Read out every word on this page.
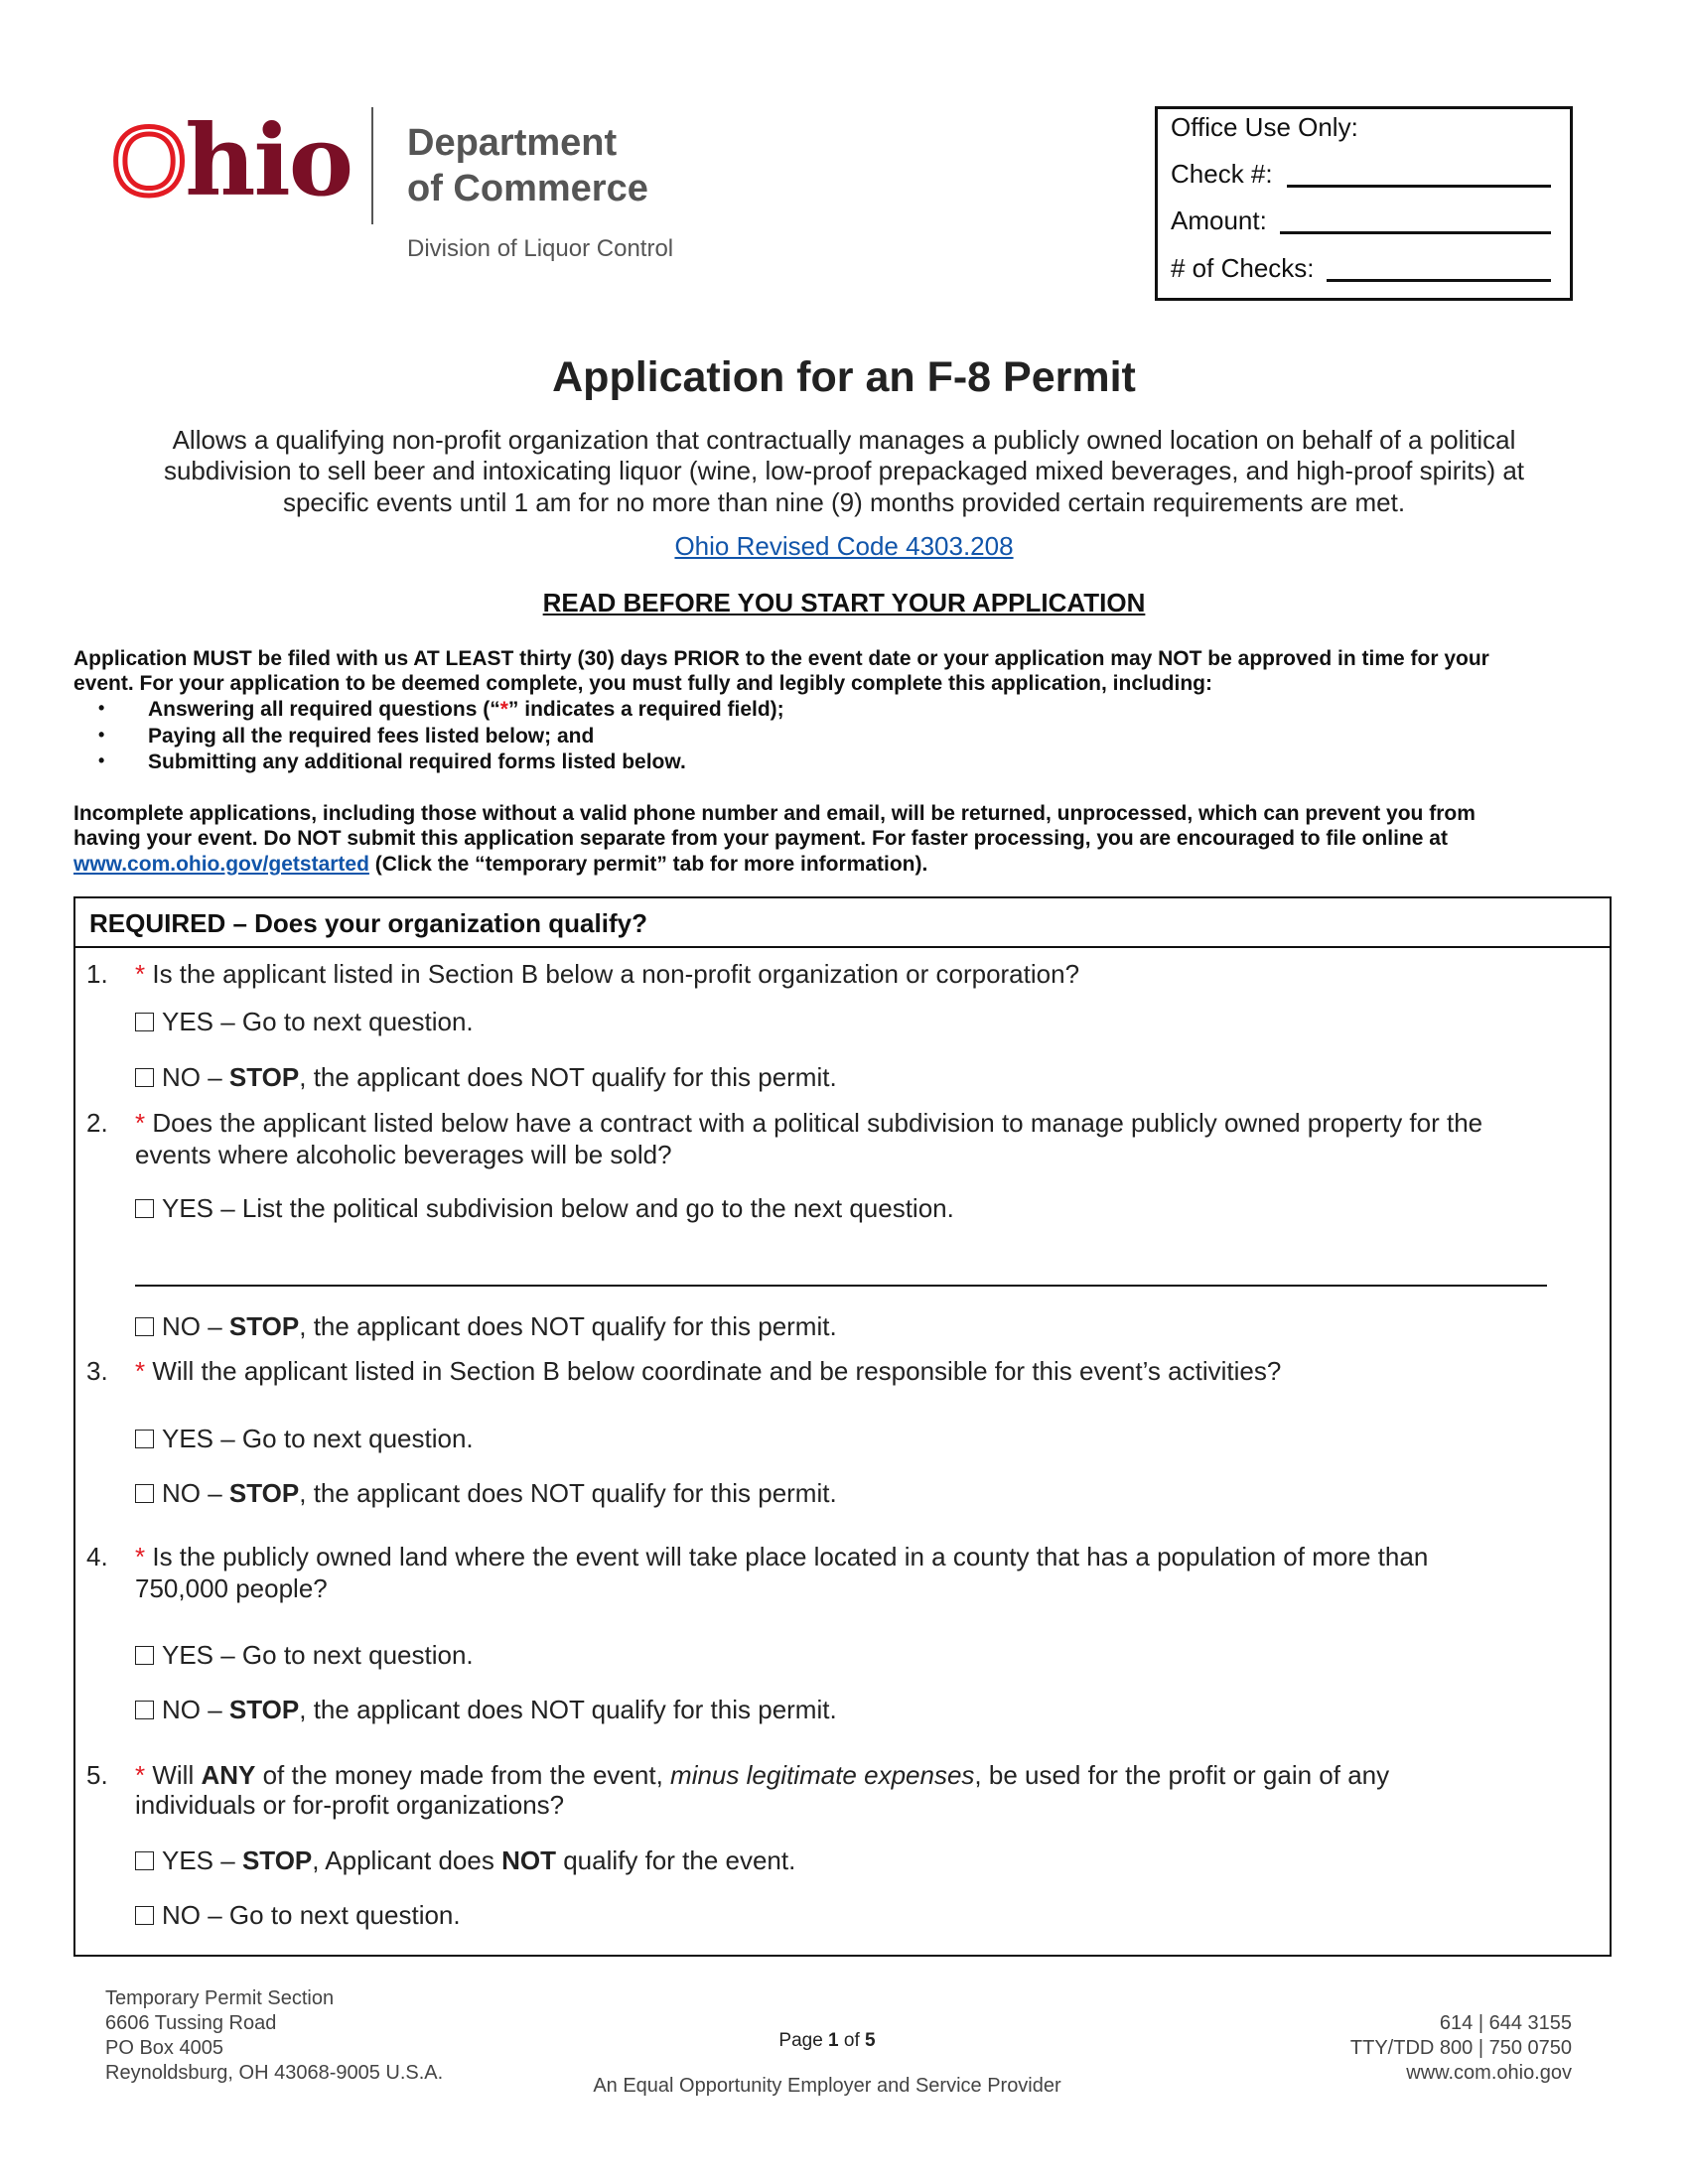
Ohio Department
of Commerce
Division of Liquor Control
Office Use Only:
Check #:
Amount:
# of Checks:
Application for an F-8 Permit
Allows a qualifying non-profit organization that contractually manages a publicly owned location on behalf of a political
subdivision to sell beer and intoxicating liquor (wine, low-proof prepackaged mixed beverages, and high-proof spirits) at
specific events until 1 am for no more than nine (9) months provided certain requirements are met.
Ohio Revised Code 4303.208
READ BEFORE YOU START YOUR APPLICATION
Application MUST be filed with us AT LEAST thirty (30) days PRIOR to the event date or your application may NOT be approved in time for your
event. For your application to be deemed complete, you must fully and legibly complete this application, including:
• Answering all required questions (“*” indicates a required field);
• Paying all the required fees listed below; and
• Submitting any additional required forms listed below.
Incomplete applications, including those without a valid phone number and email, will be returned, unprocessed, which can prevent you from
having your event. Do NOT submit this application separate from your payment. For faster processing, you are encouraged to file online at
www.com.ohio.gov/getstarted (Click the “temporary permit” tab for more information).
REQUIRED – Does your organization qualify?
1. * Is the applicant listed in Section B below a non-profit organization or corporation?
YES – Go to next question.
NO – STOP, the applicant does NOT qualify for this permit.
2. * Does the applicant listed below have a contract with a political subdivision to manage publicly owned property for the
events where alcoholic beverages will be sold?
YES – List the political subdivision below and go to the next question.
NO – STOP, the applicant does NOT qualify for this permit.
3. * Will the applicant listed in Section B below coordinate and be responsible for this event’s activities?
YES – Go to next question.
NO – STOP, the applicant does NOT qualify for this permit.
4. * Is the publicly owned land where the event will take place located in a county that has a population of more than
750,000 people?
YES – Go to next question.
NO – STOP, the applicant does NOT qualify for this permit.
5. * Will ANY of the money made from the event, minus legitimate expenses, be used for the profit or gain of any
individuals or for-profit organizations?
YES – STOP, Applicant does NOT qualify for the event.
NO – Go to next question.
Temporary Permit Section
6606 Tussing Road
PO Box 4005
Reynoldsburg, OH 43068-9005 U.S.A.
Page 1 of 5
An Equal Opportunity Employer and Service Provider
614 | 644 3155
TTY/TDD 800 | 750 0750
www.com.ohio.gov
